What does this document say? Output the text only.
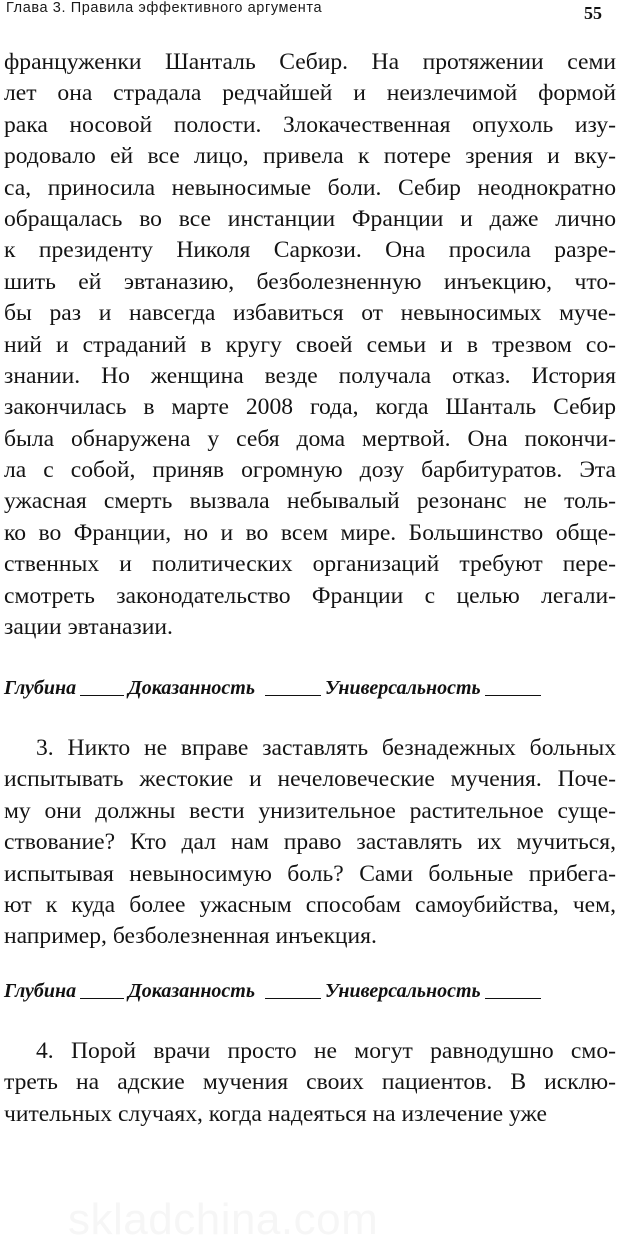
Глава 3. Правила эффективного аргумента	55
француженки Шанталь Себир. На протяжении семи
лет она страдала редчайшей и неизлечимой формой
рака носовой полости. Злокачественная опухоль изу-
родовало ей все лицо, привела к потере зрения и вку-
са, приносила невыносимые боли. Себир неоднократно
обращалась во все инстанции Франции и даже лично
к президенту Николя Саркози. Она просила разре-
шить ей эвтаназию, безболезненную инъекцию, что-
бы раз и навсегда избавиться от невыносимых муче-
ний и страданий в кругу своей семьи и в трезвом со-
знании. Но женщина везде получала отказ. История
закончилась в марте 2008 года, когда Шанталь Себир
была обнаружена у себя дома мертвой. Она покончи-
ла с собой, приняв огромную дозу барбитуратов. Эта
ужасная смерть вызвала небывалый резонанс не толь-
ко во Франции, но и во всем мире. Большинство обще-
ственных и политических организаций требуют пере-
смотреть законодательство Франции с целью легали-
зации эвтаназии.
Глубина	Доказанность	Универсальность
3. Никто не вправе заставлять безнадежных больных
испытывать жестокие и нечеловеческие мучения. Поче-
му они должны вести унизительное растительное суще-
ствование? Кто дал нам право заставлять их мучиться,
испытывая невыносимую боль? Сами больные прибега-
ют к куда более ужасным способам самоубийства, чем,
например, безболезненная инъекция.
Глубина	Доказанность	Универсальность
4. Порой врачи просто не могут равнодушно смо-
треть на адские мучения своих пациентов. В исклю-
чительных случаях, когда надеяться на излечение уже
skladchina.com
